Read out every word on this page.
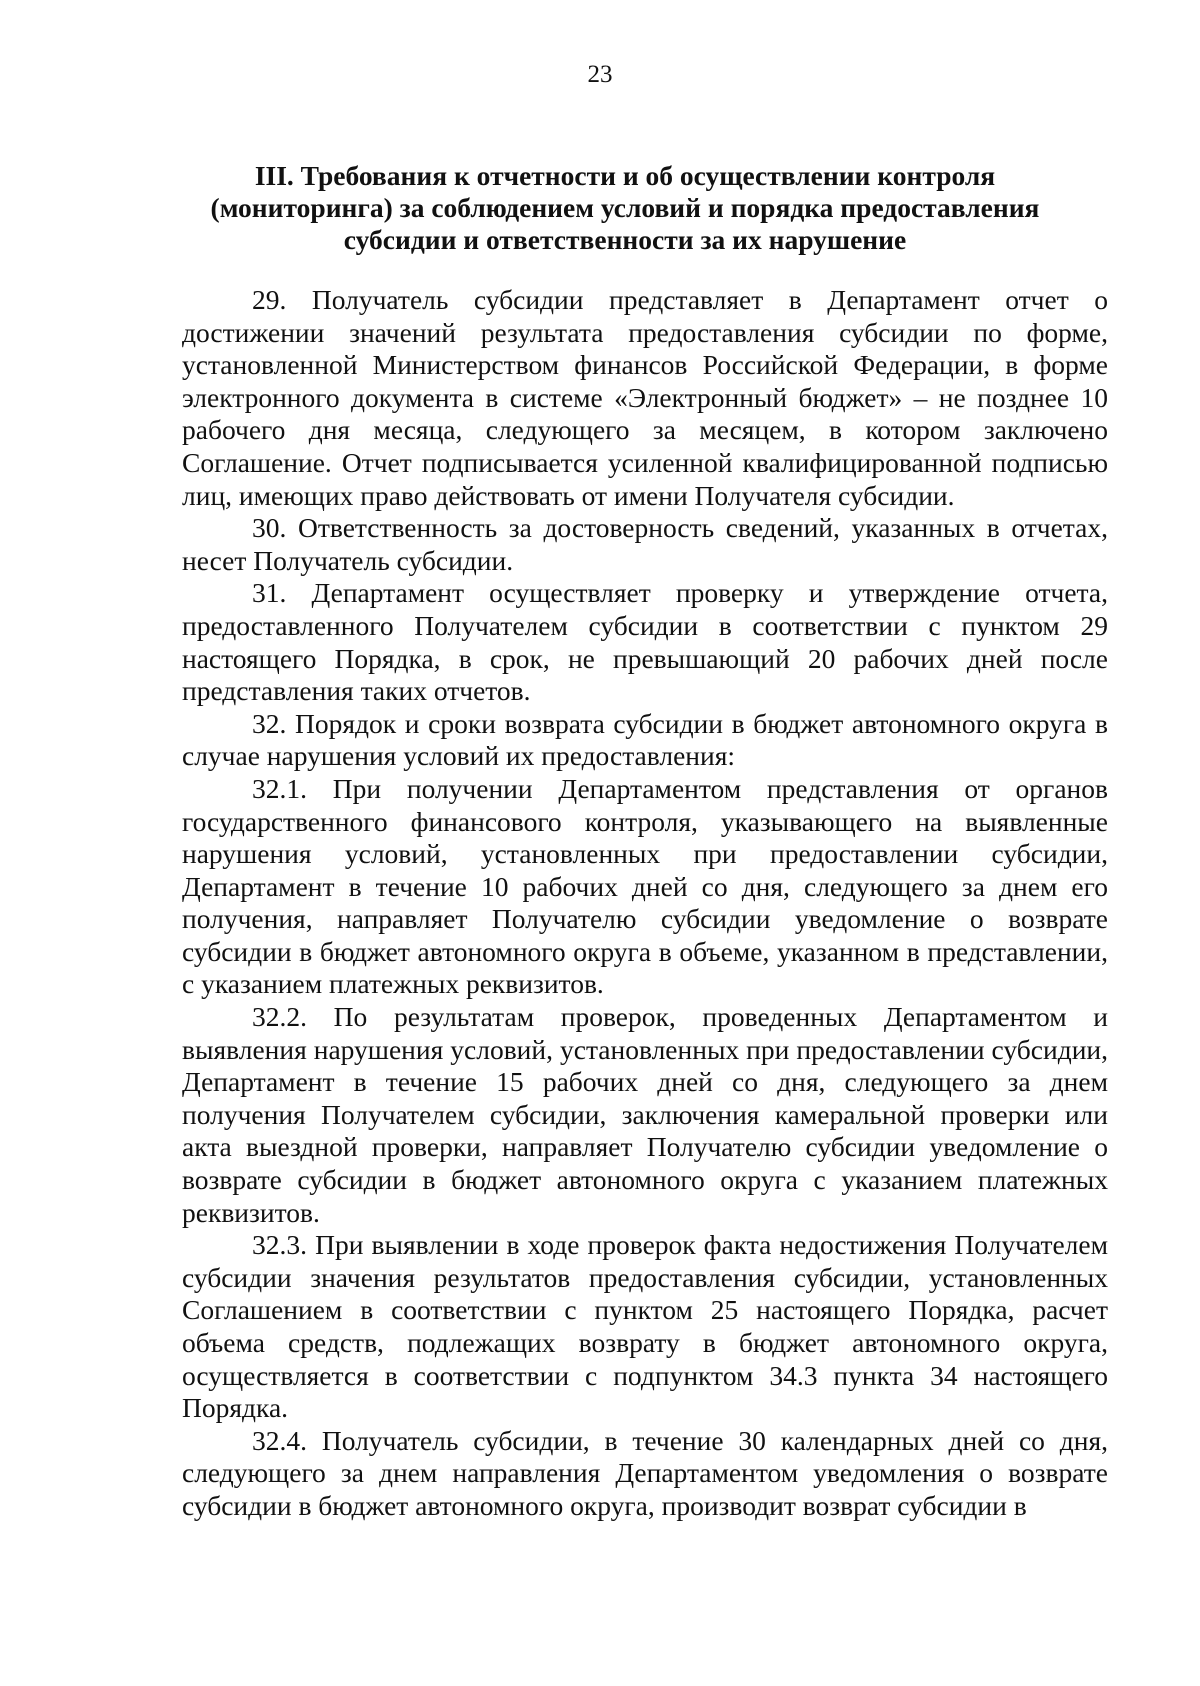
23
III. Требования к отчетности и об осуществлении контроля
(мониторинга) за соблюдением условий и порядка предоставления
субсидии и ответственности за их нарушение

29. Получатель субсидии представляет в Департамент отчет о достижении значений результата предоставления субсидии по форме, установленной Министерством финансов Российской Федерации, в форме электронного документа в системе «Электронный бюджет» – не позднее 10 рабочего дня месяца, следующего за месяцем, в котором заключено Соглашение. Отчет подписывается усиленной квалифицированной подписью лиц, имеющих право действовать от имени Получателя субсидии.

30. Ответственность за достоверность сведений, указанных в отчетах, несет Получатель субсидии.

31. Департамент осуществляет проверку и утверждение отчета, предоставленного Получателем субсидии в соответствии с пунктом 29 настоящего Порядка, в срок, не превышающий 20 рабочих дней после представления таких отчетов.

32. Порядок и сроки возврата субсидии в бюджет автономного округа в случае нарушения условий их предоставления:

32.1. При получении Департаментом представления от органов государственного финансового контроля, указывающего на выявленные нарушения условий, установленных при предоставлении субсидии, Департамент в течение 10 рабочих дней со дня, следующего за днем его получения, направляет Получателю субсидии уведомление о возврате субсидии в бюджет автономного округа в объеме, указанном в представлении, с указанием платежных реквизитов.

32.2. По результатам проверок, проведенных Департаментом и выявления нарушения условий, установленных при предоставлении субсидии, Департамент в течение 15 рабочих дней со дня, следующего за днем получения Получателем субсидии, заключения камеральной проверки или акта выездной проверки, направляет Получателю субсидии уведомление о возврате субсидии в бюджет автономного округа с указанием платежных реквизитов.

32.3. При выявлении в ходе проверок факта недостижения Получателем субсидии значения результатов предоставления субсидии, установленных Соглашением в соответствии с пунктом 25 настоящего Порядка, расчет объема средств, подлежащих возврату в бюджет автономного округа, осуществляется в соответствии с подпунктом 34.3 пункта 34 настоящего Порядка.

32.4. Получатель субсидии, в течение 30 календарных дней со дня, следующего за днем направления Департаментом уведомления о возврате субсидии в бюджет автономного округа, производит возврат субсидии в
